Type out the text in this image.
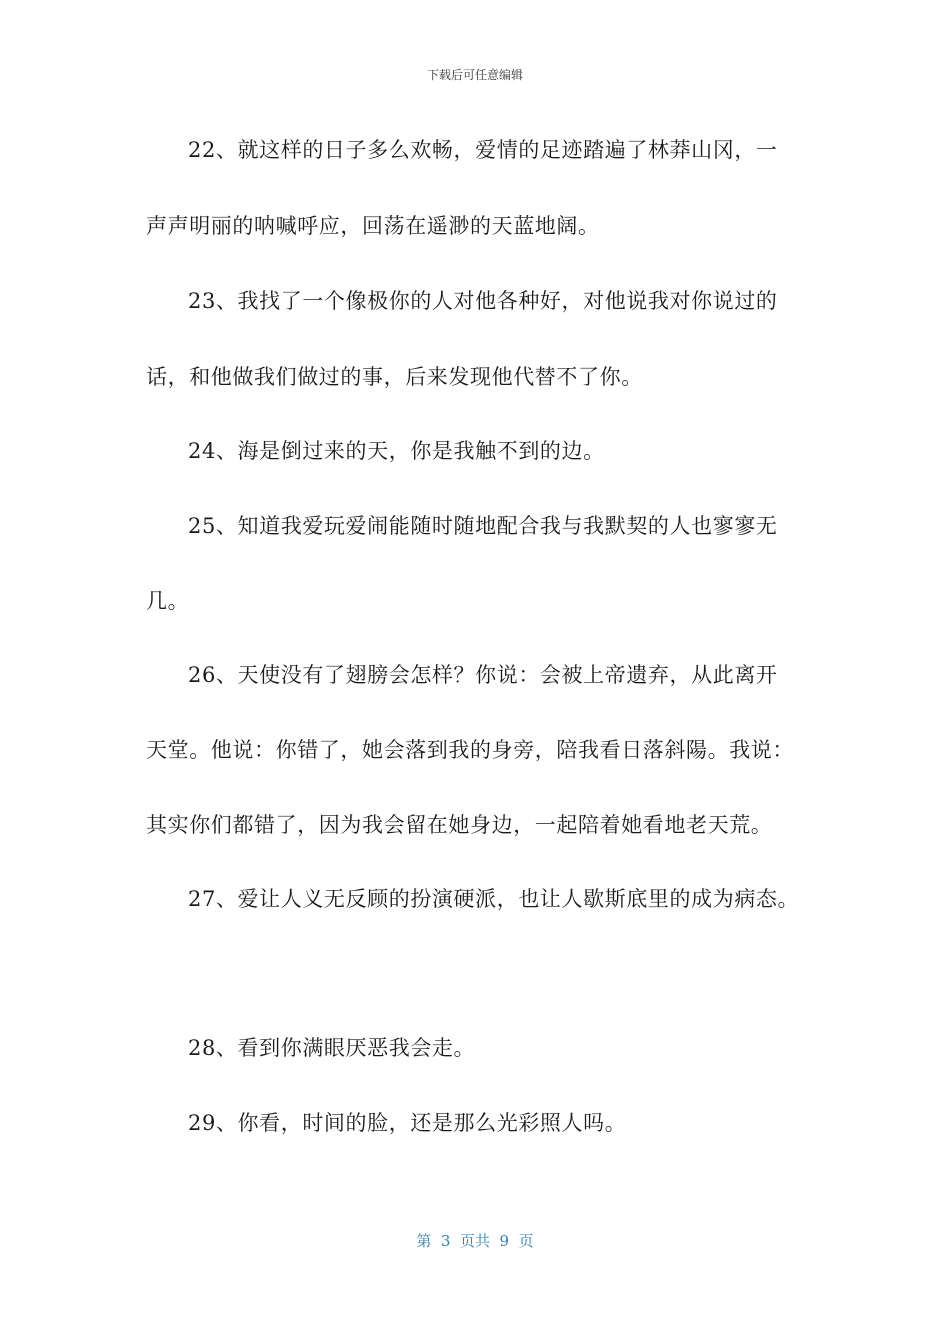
下载后可任意编辑
22、就这样的日子多么欢畅，爱情的足迹踏遍了林莽山冈，一
声声明丽的呐喊呼应，回荡在遥渺的天蓝地阔。
23、我找了一个像极你的人对他各种好，对他说我对你说过的
话，和他做我们做过的事，后来发现他代替不了你。
24、海是倒过来的天，你是我触不到的边。
25、知道我爱玩爱闹能随时随地配合我与我默契的人也寥寥无
几。
26、天使没有了翅膀会怎样？你说：会被上帝遗弃，从此离开
天堂。他说：你错了，她会落到我的身旁，陪我看日落斜陽。我说：
其实你们都错了，因为我会留在她身边，一起陪着她看地老天荒。
27、爱让人义无反顾的扮演硬派，也让人歇斯底里的成为病态。
28、看到你满眼厌恶我会走。
29、你看，时间的脸，还是那么光彩照人吗。
第  3  页共  9  页
